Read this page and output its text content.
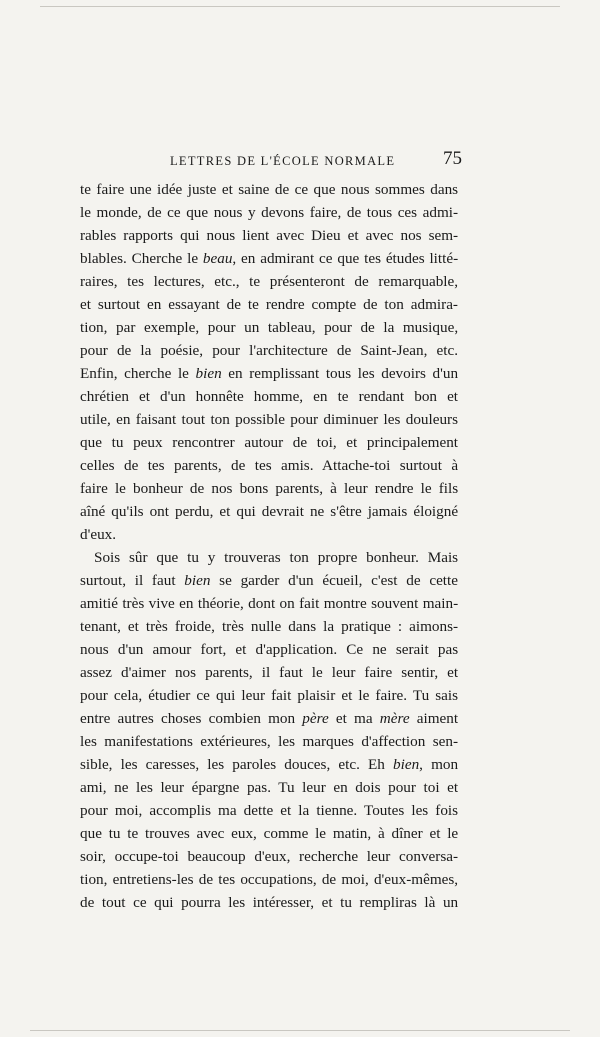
LETTRES DE L'ÉCOLE NORMALE	75
te faire une idée juste et saine de ce que nous sommes dans
le monde, de ce que nous y devons faire, de tous ces admi-
rables rapports qui nous lient avec Dieu et avec nos sem-
blables. Cherche le beau, en admirant ce que tes études litté-
raires, tes lectures, etc., te présenteront de remarquable,
et surtout en essayant de te rendre compte de ton admira-
tion, par exemple, pour un tableau, pour de la musique,
pour de la poésie, pour l'architecture de Saint-Jean, etc.
Enfin, cherche le bien en remplissant tous les devoirs d'un
chrétien et d'un honnête homme, en te rendant bon et
utile, en faisant tout ton possible pour diminuer les douleurs
que tu peux rencontrer autour de toi, et principalement
celles de tes parents, de tes amis. Attache-toi surtout à
faire le bonheur de nos bons parents, à leur rendre le fils
aîné qu'ils ont perdu, et qui devrait ne s'être jamais éloigné
d'eux.
Sois sûr que tu y trouveras ton propre bonheur. Mais
surtout, il faut bien se garder d'un écueil, c'est de cette
amitié très vive en théorie, dont on fait montre souvent main-
tenant, et très froide, très nulle dans la pratique : aimons-
nous d'un amour fort, et d'application. Ce ne serait pas
assez d'aimer nos parents, il faut le leur faire sentir, et
pour cela, étudier ce qui leur fait plaisir et le faire. Tu sais
entre autres choses combien mon père et ma mère aiment
les manifestations extérieures, les marques d'affection sen-
sible, les caresses, les paroles douces, etc. Eh bien, mon
ami, ne les leur épargne pas. Tu leur en dois pour toi et
pour moi, accomplis ma dette et la tienne. Toutes les fois
que tu te trouves avec eux, comme le matin, à dîner et le
soir, occupe-toi beaucoup d'eux, recherche leur conversa-
tion, entretiens-les de tes occupations, de moi, d'eux-mêmes,
de tout ce qui pourra les intéresser, et tu rempliras là un
